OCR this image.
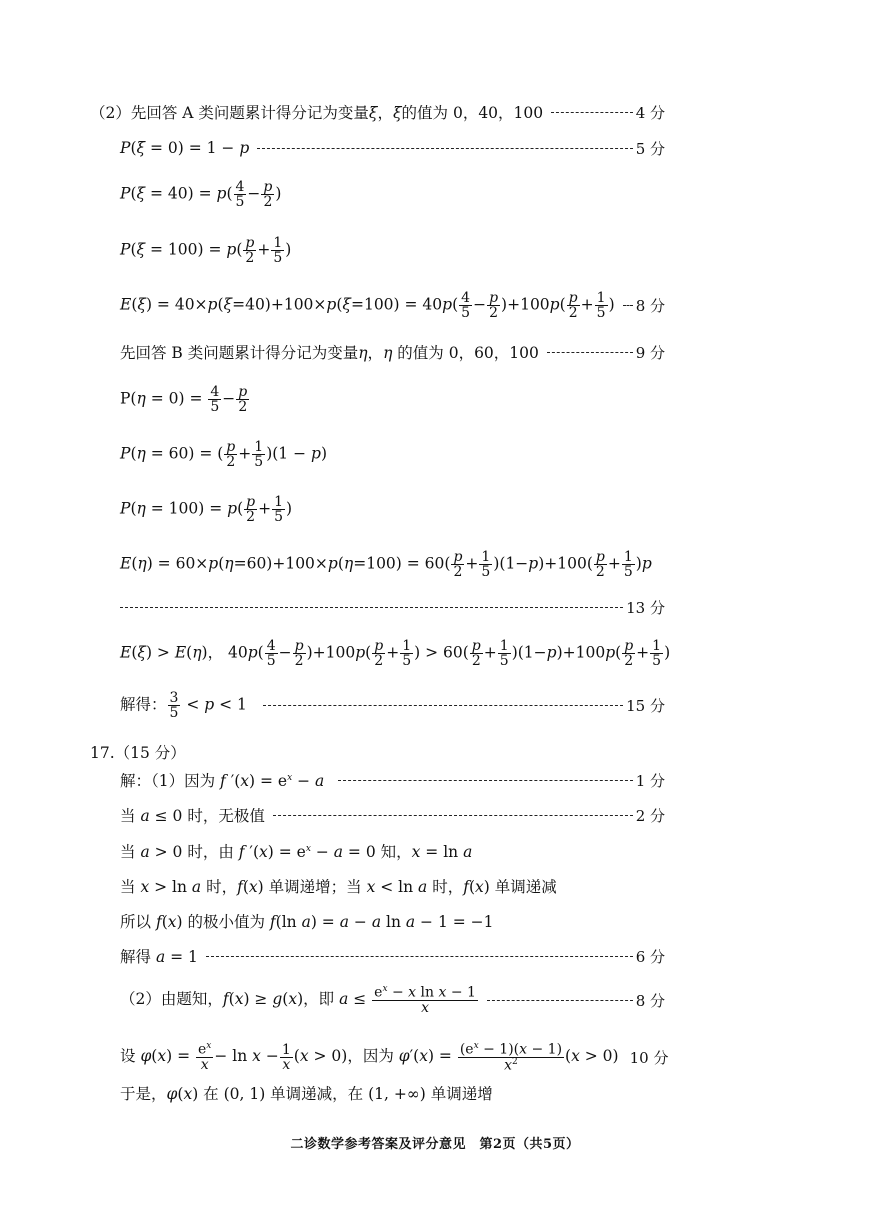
（2）先回答 A 类问题累计得分记为变量ξ，ξ的值为 0，40，100	4 分
P(ξ = 0) = 1 − p	5 分
$P(\xi = 40) = p( \frac{4}{5} - \frac{p}{2}$ )
$P(\xi = 100) = p( \frac{p}{2} + \frac{1}{5}$ )
$E(\xi) = 40\times p(\xi=40)+100\times p(\xi=100) = 40p( \frac{4}{5} - \frac{p}{2} )+100p( \frac{p}{2} + \frac{1}{5}$ ) 8 分
先回答 B 类问题累计得分记为变量η，η 的值为 0，60，100	9 分
$P(\eta = 0) = \frac{4}{5} - \frac{p}{2}$
P(η = 60) = ( $\frac{p}{2} + \frac{1}{5} )(1 - p)$
$P(\eta = 100) = p( \frac{p}{2} + \frac{1}{5}$ )
$E(\eta) = 60\times p(\eta=60)+100\times p(\eta=100) = 60( \frac{p}{2} + \frac{1}{5} )(1-p)+100( \frac{p}{2} + \frac{1}{5} )p$
13 分
E(ξ) > E(η)， $40p( \frac{4}{5} - \frac{p}{2} )+100p( \frac{p}{2} + \frac{1}{5}$ ) > $60( \frac{p}{2} + \frac{1}{5} )(1-p)+100p( \frac{p}{2} + \frac{1}{5}$ )
解得： $\frac{3}{5} < p < 1$	15 分
17.（15 分）
解：（1）因为 f $'(x) = e^x - a$	1 分
当 a ≤ 0 时，无极值	2 分
当 a > 0 时，由 f $'(x) = e^x - a = 0$ 知，x = ln a
当 x > ln a 时，f(x) 单调递增；当 x < ln a 时，f(x) 单调递减
所以 f(x) 的极小值为 f(ln a) = a − a ln a − 1 = −1
解得 a = 1	6 分
（2）由题知，f(x) ≥ g(x)，即 $a \le \frac{e^x - x \ln x - 1}{x}$	8 分
设 $\varphi(x) = \frac{e^x}{x} - \ln x - \frac{1}{x} (x > 0)$，因为 $\varphi'(x) = \frac{(e^x - 1)(x - 1)}{x^2} (x > 0)$ 10 分
于是，φ(x) 在 (0, 1) 单调递减，在 (1, +∞) 单调递增
二诊数学参考答案及评分意见　第2页（共5页）
